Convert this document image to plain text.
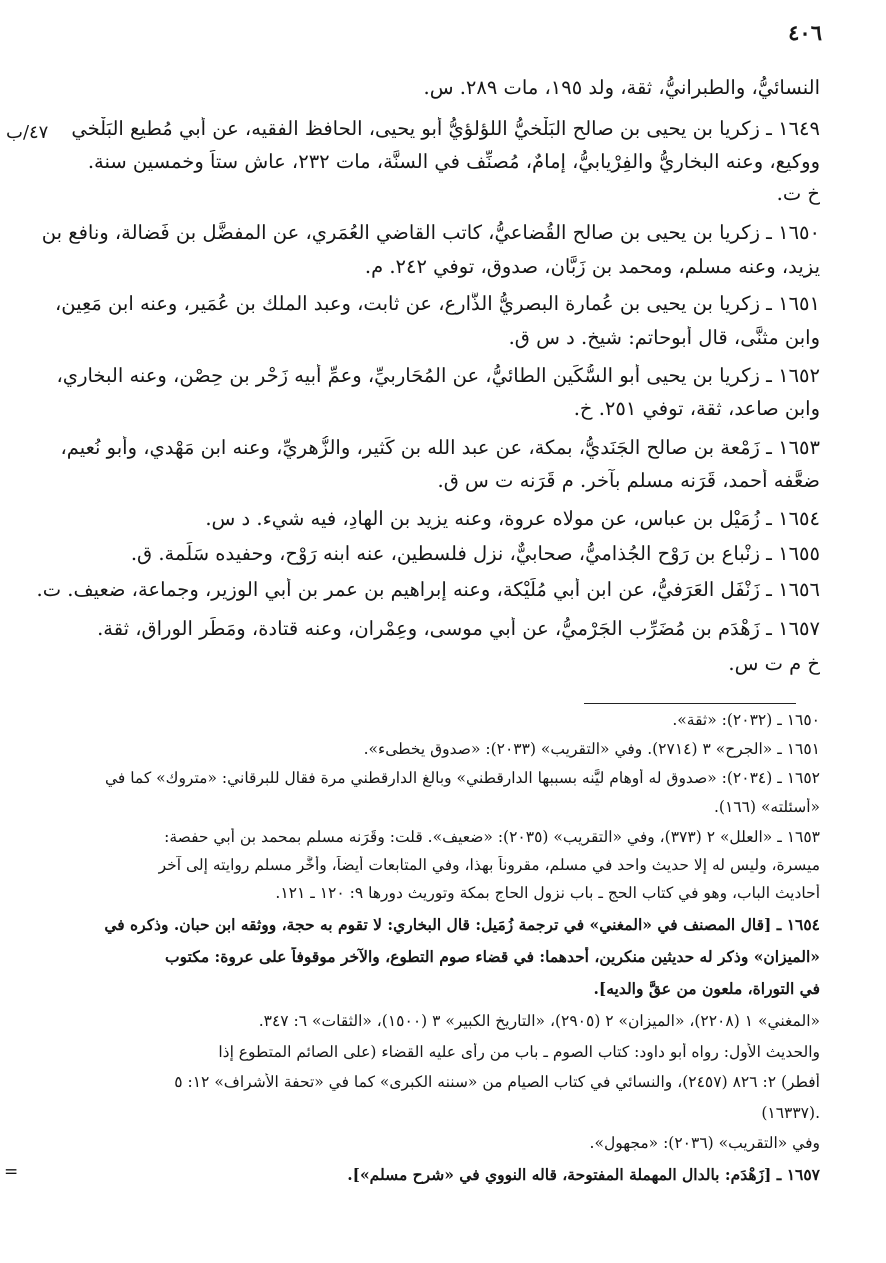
٤٠٦
٤٧/ب
النسائيُّ، والطبرانيُّ، ثقة، ولد ١٩٥، مات ٢٨٩. س.
١٦٤٩ ـ زكريا بن يحيى بن صالح البَلْخيُّ اللؤلؤيُّ أبو يحيى، الحافظ الفقيه، عن أبي مُطيع البَلْخي
ووكيع، وعنه البخاريُّ والفِرْيابيُّ، إمامٌ، مُصنِّف في السنَّة، مات ٢٣٢، عاش ستاً وخمسين سنة.
خ ت.
١٦٥٠ ـ زكريا بن يحيى بن صالح القُضاعيُّ، كاتب القاضي العُمَري، عن المفضَّل بن فَضالة، ونافع بن
يزيد، وعنه مسلم، ومحمد بن زَبَّان، صدوق، توفي ٢٤٢. م.
١٦٥١ ـ زكريا بن يحيى بن عُمارة البصريُّ الذَّارع، عن ثابت، وعبد الملك بن عُمَير، وعنه ابن مَعِين،
وابن مثنَّى، قال أبوحاتم: شيخ. د س ق.
١٦٥٢ ـ زكريا بن يحيى أبو السُّكَين الطائيُّ، عن المُحَاربيِّ، وعمِّ أبيه زَحْر بن حِصْن، وعنه البخاري،
وابن صاعد، ثقة، توفي ٢٥١. خ.
١٦٥٣ ـ زَمْعة بن صالح الجَنَديُّ، بمكة، عن عبد الله بن كَثير، والزُّهريِّ، وعنه ابن مَهْدي، وأبو نُعيم،
ضعَّفه أحمد، قَرَنه مسلم بآخر. م قَرَنه ت س ق.
١٦٥٤ ـ زُمَيْل بن عباس، عن مولاه عروة، وعنه يزيد بن الهادِ، فيه شيء. د س.
١٦٥٥ ـ زِنْباع بن رَوْح الجُذاميُّ، صحابيٌّ، نزل فلسطين، عنه ابنه رَوْح، وحفيده سَلَمة. ق.
١٦٥٦ ـ زَنْفَل العَرَفيُّ، عن ابن أبي مُلَيْكة، وعنه إبراهيم بن عمر بن أبي الوزير، وجماعة، ضعيف. ت.
١٦٥٧ ـ زَهْدَم بن مُضَرِّب الجَرْميُّ، عن أبي موسى، وعِمْران، وعنه قتادة، ومَطَر الوراق، ثقة.
خ م ت س.
١٦٥٠ ـ (٢٠٣٢): «ثقة».
١٦٥١ ـ «الجرح» ٣ (٢٧١٤). وفي «التقريب» (٢٠٣٣): «صدوق يخطىء».
١٦٥٢ ـ (٢٠٣٤): «صدوق له أوهام ليَّنه بسببها الدارقطني» وبالغ الدارقطني مرة فقال للبرقاني: «متروك» كما في
«أسئلته» (١٦٦).
١٦٥٣ ـ «العلل» ٢ (٣٧٣)، وفي «التقريب» (٢٠٣٥): «ضعيف». قلت: وقَرَنه مسلم بمحمد بن أبي حفصة:
ميسرة، وليس له إلا حديث واحد في مسلم، مقروناً بهذا، وفي المتابعات أيضاً، وأخَّر مسلم روايته إلى آخر
أحاديث الباب، وهو في كتاب الحج ـ باب نزول الحاج بمكة وتوريث دورها ٩: ١٢٠ ـ ١٢١.
١٦٥٤ ـ [قال المصنف في «المغني» في ترجمة زُمَيل: قال البخاري: لا تقوم به حجة، ووثقه ابن حبان. وذكره في
«الميزان» وذكر له حديثين منكرين، أحدهما: في قضاء صوم التطوع، والآخر موقوفاً على عروة: مكتوب
في التوراة، ملعون من عقَّ والديه].
«المغني» ١ (٢٢٠٨)، «الميزان» ٢ (٢٩٠٥)، «التاريخ الكبير» ٣ (١٥٠٠)، «الثقات» ٦: ٣٤٧.
والحديث الأول: رواه أبو داود: كتاب الصوم ـ باب من رأى عليه القضاء (على الصائم المتطوع إذا
أفطر) ٢: ٨٢٦ (٢٤٥٧)، والنسائي في كتاب الصيام من «سننه الكبرى» كما في «تحفة الأشراف» ١٢: ٥
(١٦٣٣٧).
وفي «التقريب» (٢٠٣٦): «مجهول».
١٦٥٧ ـ [زَهْدَم: بالدال المهملة المفتوحة، قاله النووي في «شرح مسلم»].
=
